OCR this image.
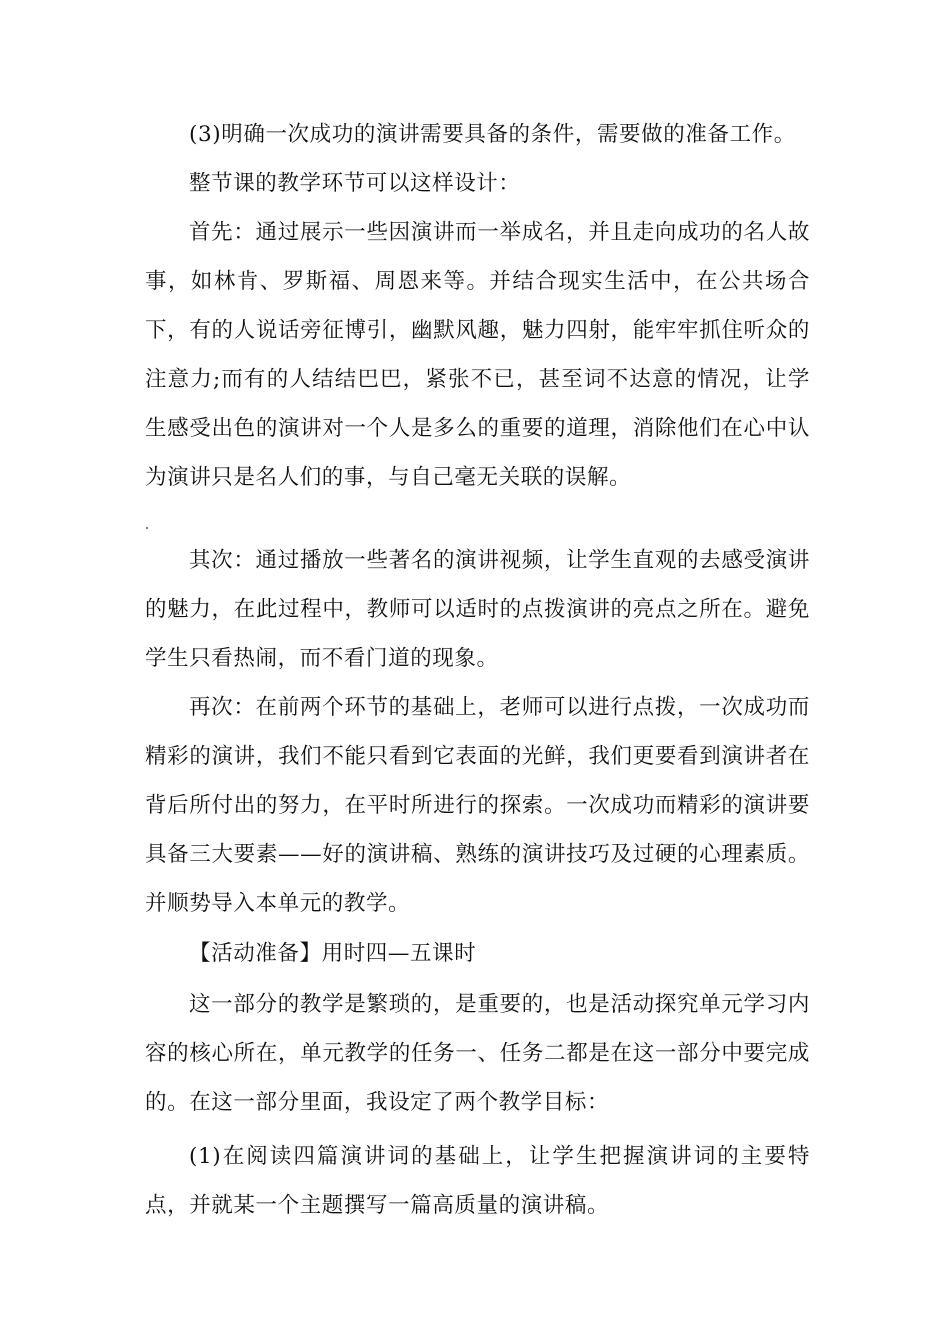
(3)明确一次成功的演讲需要具备的条件，需要做的准备工作。

整节课的教学环节可以这样设计：

首先：通过展示一些因演讲而一举成名，并且走向成功的名人故事，如林肯、罗斯福、周恩来等。并结合现实生活中，在公共场合下，有的人说话旁征博引，幽默风趣，魅力四射，能牢牢抓住听众的注意力;而有的人结结巴巴，紧张不已，甚至词不达意的情况，让学生感受出色的演讲对一个人是多么的重要的道理，消除他们在心中认为演讲只是名人们的事，与自己毫无关联的误解。

其次：通过播放一些著名的演讲视频，让学生直观的去感受演讲的魅力，在此过程中，教师可以适时的点拨演讲的亮点之所在。避免学生只看热闹，而不看门道的现象。

再次：在前两个环节的基础上，老师可以进行点拨，一次成功而精彩的演讲，我们不能只看到它表面的光鲜，我们更要看到演讲者在背后所付出的努力，在平时所进行的探索。一次成功而精彩的演讲要具备三大要素——好的演讲稿、熟练的演讲技巧及过硬的心理素质。并顺势导入本单元的教学。

【活动准备】用时四—五课时

这一部分的教学是繁琐的，是重要的，也是活动探究单元学习内容的核心所在，单元教学的任务一、任务二都是在这一部分中要完成的。在这一部分里面，我设定了两个教学目标：

(1)在阅读四篇演讲词的基础上，让学生把握演讲词的主要特点，并就某一个主题撰写一篇高质量的演讲稿。
